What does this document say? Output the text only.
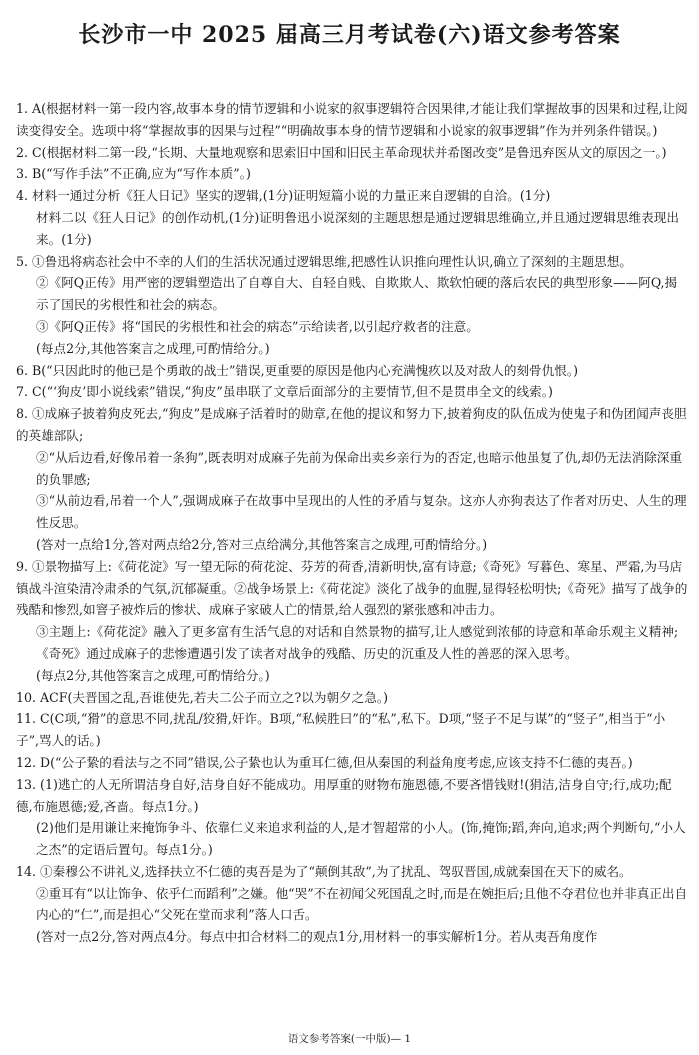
长沙市一中 2025 届高三月考试卷(六)语文参考答案

1. A(根据材料一第一段内容,故事本身的情节逻辑和小说家的叙事逻辑符合因果律,才能让我们掌握故事的因果和过程,让阅读变得安全。选项中将“掌握故事的因果与过程”“明确故事本身的情节逻辑和小说家的叙事逻辑”作为并列条件错误。)

2. C(根据材料二第一段,“长期、大量地观察和思索旧中国和旧民主革命现状并希图改变”是鲁迅弃医从文的原因之一。)

3. B(“写作手法”不正确,应为“写作本质”。)

4. 材料一通过分析《狂人日记》坚实的逻辑,(1分)证明短篇小说的力量正来自逻辑的自洽。(1分)

材料二以《狂人日记》的创作动机,(1分)证明鲁迅小说深刻的主题思想是通过逻辑思维确立,并且通过逻辑思维表现出来。(1分)

5. ①鲁迅将病态社会中不幸的人们的生活状况通过逻辑思维,把感性认识推向理性认识,确立了深刻的主题思想。

②《阿Q正传》用严密的逻辑塑造出了自尊自大、自轻自贱、自欺欺人、欺软怕硬的落后农民的典型形象——阿Q,揭示了国民的劣根性和社会的病态。

③《阿Q正传》将“国民的劣根性和社会的病态”示给读者,以引起疗救者的注意。

(每点2分,其他答案言之成理,可酌情给分。)

6. B(“只因此时的他已是个勇敢的战士”错误,更重要的原因是他内心充满愧疚以及对敌人的刻骨仇恨。)

7. C(“‘狗皮’即小说线索”错误,“狗皮”虽串联了文章后面部分的主要情节,但不是贯串全文的线索。)

8. ①成麻子披着狗皮死去,“狗皮”是成麻子活着时的勋章,在他的提议和努力下,披着狗皮的队伍成为使鬼子和伪团闻声丧胆的英雄部队;

②“从后边看,好像吊着一条狗”,既表明对成麻子先前为保命出卖乡亲行为的否定,也暗示他虽复了仇,却仍无法消除深重的负罪感;

③“从前边看,吊着一个人”,强调成麻子在故事中呈现出的人性的矛盾与复杂。这亦人亦狗表达了作者对历史、人生的理性反思。

(答对一点给1分,答对两点给2分,答对三点给满分,其他答案言之成理,可酌情给分。)

9. ①景物描写上:《荷花淀》写一望无际的荷花淀、芬芳的荷香,清新明快,富有诗意;《奇死》写暮色、寒星、严霜,为马店镇战斗渲染清冷肃杀的气氛,沉郁凝重。②战争场景上:《荷花淀》淡化了战争的血腥,显得轻松明快;《奇死》描写了战争的残酷和惨烈,如窨子被炸后的惨状、成麻子家破人亡的情景,给人强烈的紧张感和冲击力。

③主题上:《荷花淀》融入了更多富有生活气息的对话和自然景物的描写,让人感觉到浓郁的诗意和革命乐观主义精神;《奇死》通过成麻子的悲惨遭遇引发了读者对战争的残酷、历史的沉重及人性的善恶的深入思考。

(每点2分,其他答案言之成理,可酌情给分。)

10. ACF(夫晋国之乱,吾谁使先,若夫二公子而立之?以为朝夕之急。)

11. C(C项,“猾”的意思不同,扰乱/狡猾,奸诈。B项,“私候胜曰”的“私”,私下。D项,“竖子不足与谋”的“竖子”,相当于“小子”,骂人的话。)

12. D(“公子絷的看法与之不同”错误,公子絷也认为重耳仁德,但从秦国的利益角度考虑,应该支持不仁德的夷吾。)

13. (1)逃亡的人无所谓洁身自好,洁身自好不能成功。用厚重的财物布施恩德,不要吝惜钱财!(狷洁,洁身自守;行,成功;配德,布施恩德;爱,吝啬。每点1分。)

(2)他们是用谦让来掩饰争斗、依靠仁义来追求利益的人,是才智超常的小人。(饰,掩饰;蹈,奔向,追求;两个判断句,“小人之杰”的定语后置句。每点1分。)

14. ①秦穆公不讲礼义,选择扶立不仁德的夷吾是为了“颠倒其敌”,为了扰乱、驾驭晋国,成就秦国在天下的威名。

②重耳有“以让饰争、依乎仁而蹈利”之嫌。他“哭”不在初闻父死国乱之时,而是在婉拒后;且他不夺君位也并非真正出自内心的“仁”,而是担心“父死在堂而求利”落人口舌。

(答对一点2分,答对两点4分。每点中扣合材料二的观点1分,用材料一的事实解析1分。若从夷吾角度作

语文参考答案(一中版)— 1
